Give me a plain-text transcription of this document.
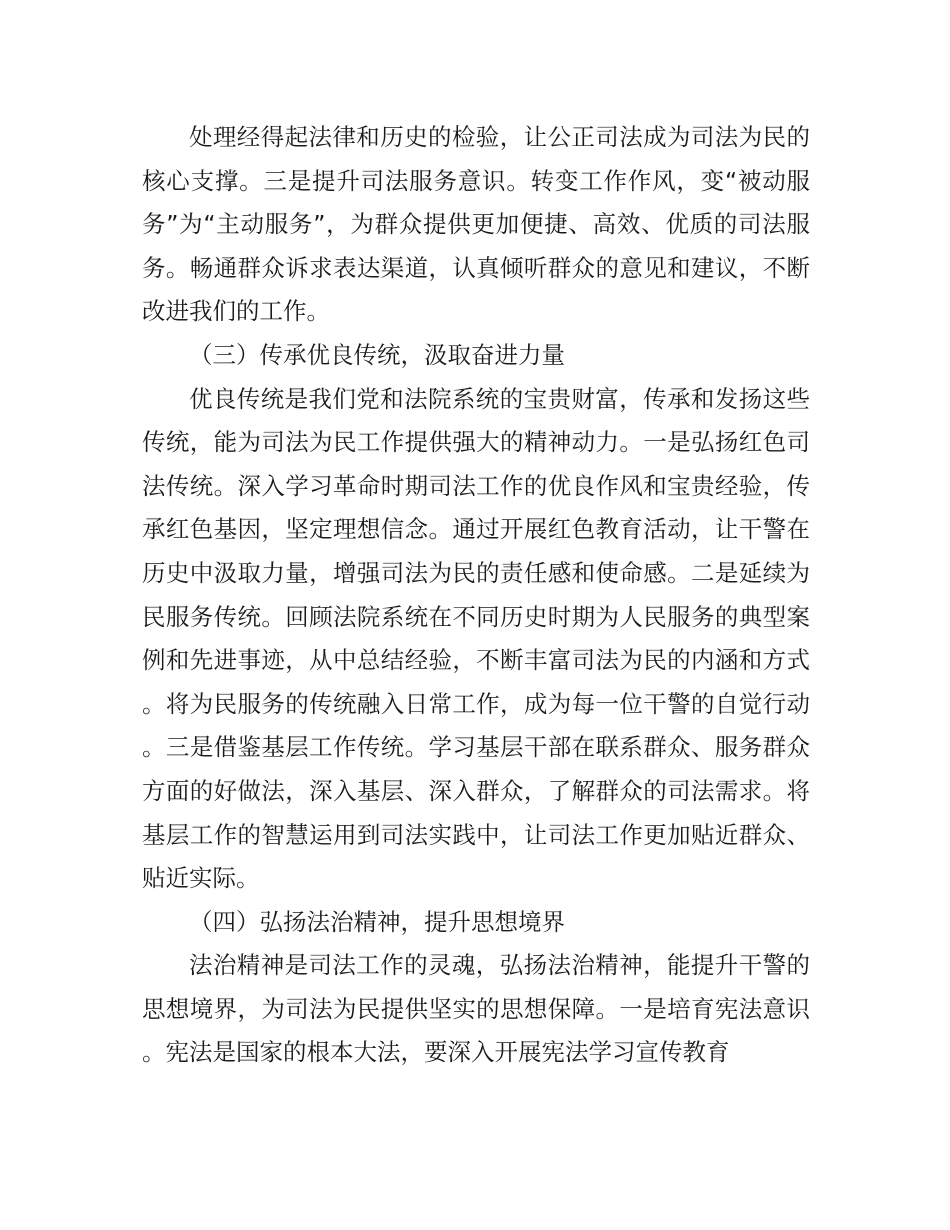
处理经得起法律和历史的检验，让公正司法成为司法为民的核心支撑。三是提升司法服务意识。转变工作作风，变“被动服务”为“主动服务”，为群众提供更加便捷、高效、优质的司法服务。畅通群众诉求表达渠道，认真倾听群众的意见和建议，不断改进我们的工作。

（三）传承优良传统，汲取奋进力量

优良传统是我们党和法院系统的宝贵财富，传承和发扬这些传统，能为司法为民工作提供强大的精神动力。一是弘扬红色司法传统。深入学习革命时期司法工作的优良作风和宝贵经验，传承红色基因，坚定理想信念。通过开展红色教育活动，让干警在历史中汲取力量，增强司法为民的责任感和使命感。二是延续为民服务传统。回顾法院系统在不同历史时期为人民服务的典型案例和先进事迹，从中总结经验，不断丰富司法为民的内涵和方式。将为民服务的传统融入日常工作，成为每一位干警的自觉行动。三是借鉴基层工作传统。学习基层干部在联系群众、服务群众方面的好做法，深入基层、深入群众，了解群众的司法需求。将基层工作的智慧运用到司法实践中，让司法工作更加贴近群众、贴近实际。

（四）弘扬法治精神，提升思想境界

法治精神是司法工作的灵魂，弘扬法治精神，能提升干警的思想境界，为司法为民提供坚实的思想保障。一是培育宪法意识。宪法是国家的根本大法，要深入开展宪法学习宣传教育
